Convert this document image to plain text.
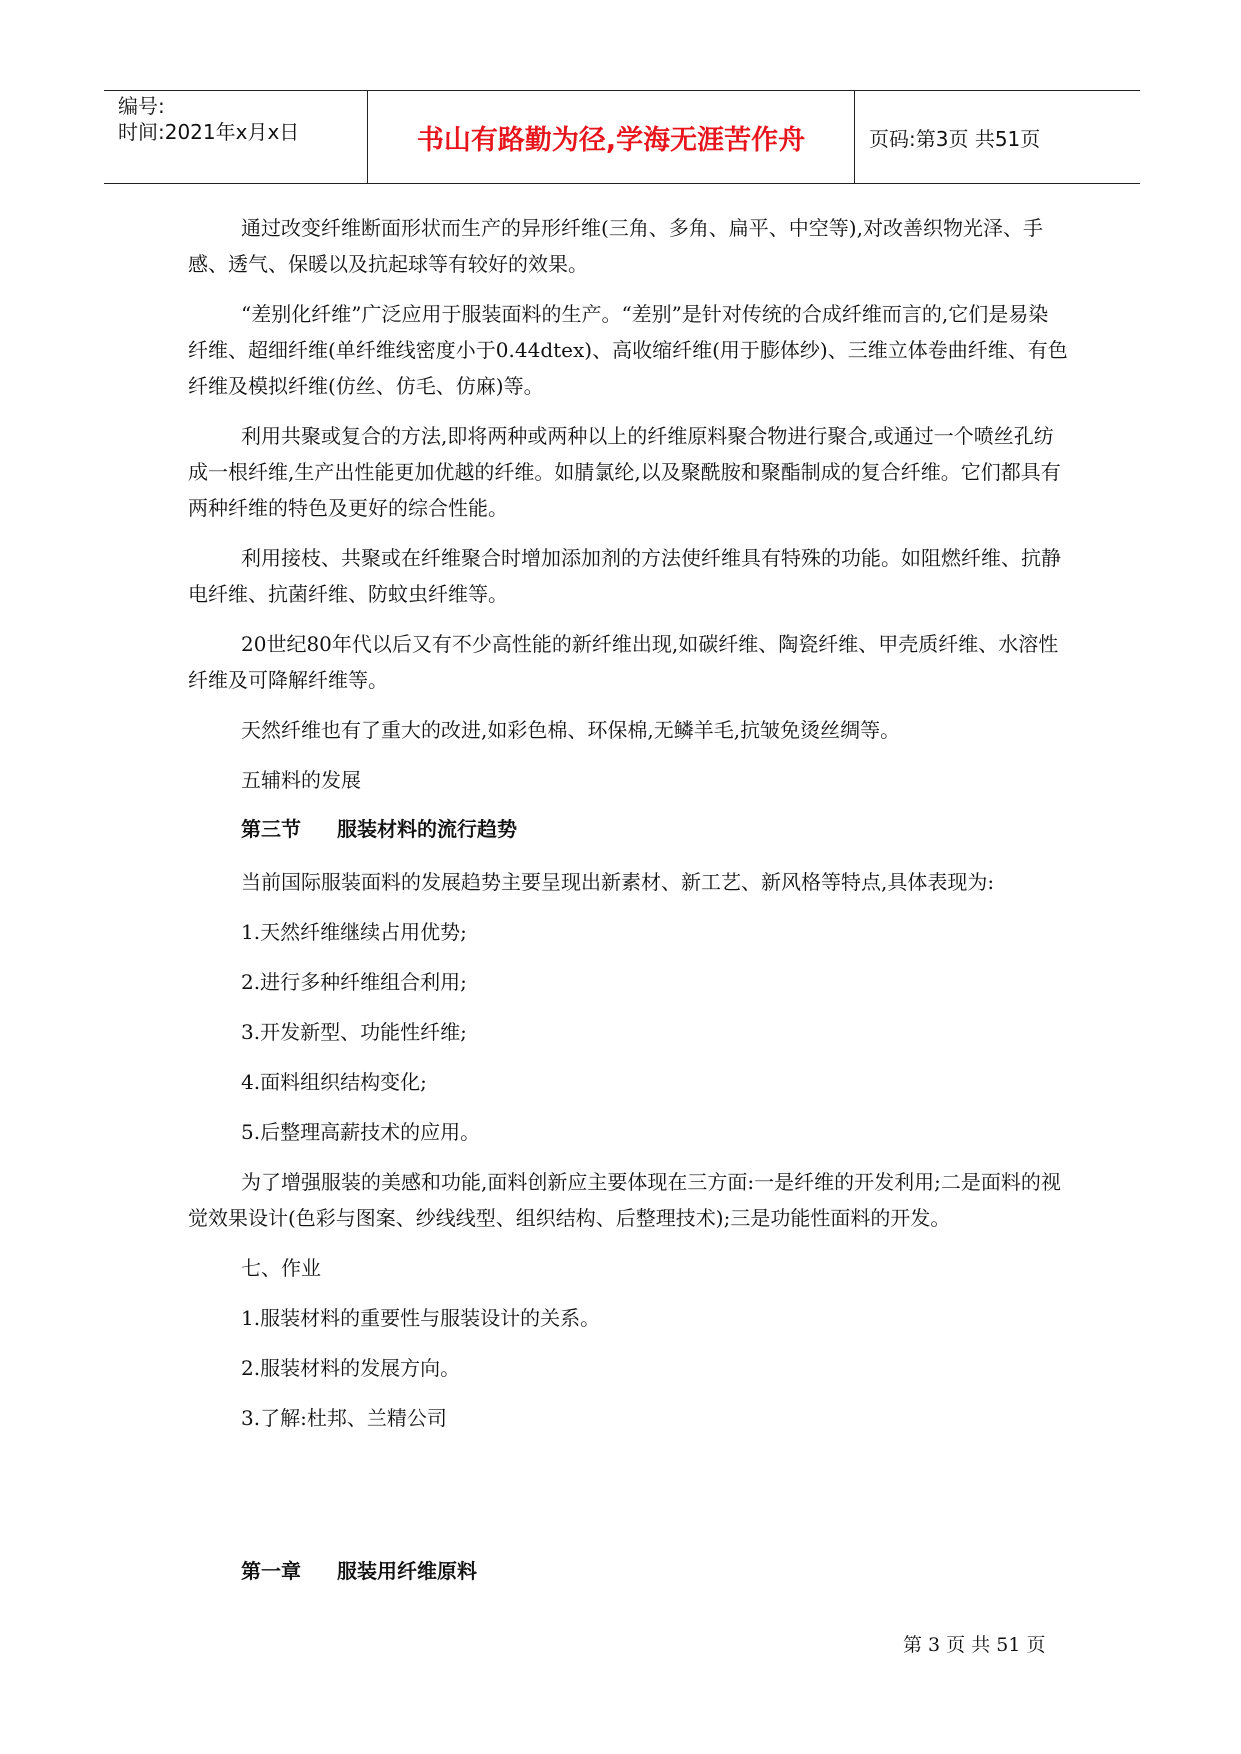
编号:
时间:2021年x月x日	书山有路勤为径,学海无涯苦作舟	页码:第3页 共51页

通过改变纤维断面形状而生产的异形纤维(三角、多角、扁平、中空等),对改善织物光泽、手感、透气、保暖以及抗起球等有较好的效果。

“差别化纤维”广泛应用于服装面料的生产。“差别”是针对传统的合成纤维而言的,它们是易染纤维、超细纤维(单纤维线密度小于0.44dtex)、高收缩纤维(用于膨体纱)、三维立体卷曲纤维、有色纤维及模拟纤维(仿丝、仿毛、仿麻)等。

利用共聚或复合的方法,即将两种或两种以上的纤维原料聚合物进行聚合,或通过一个喷丝孔纺成一根纤维,生产出性能更加优越的纤维。如腈氯纶,以及聚酰胺和聚酯制成的复合纤维。它们都具有两种纤维的特色及更好的综合性能。

利用接枝、共聚或在纤维聚合时增加添加剂的方法使纤维具有特殊的功能。如阻燃纤维、抗静电纤维、抗菌纤维、防蚊虫纤维等。

20世纪80年代以后又有不少高性能的新纤维出现,如碳纤维、陶瓷纤维、甲壳质纤维、水溶性纤维及可降解纤维等。

天然纤维也有了重大的改进,如彩色棉、环保棉,无鳞羊毛,抗皱免烫丝绸等。

五辅料的发展

第三节 服装材料的流行趋势

当前国际服装面料的发展趋势主要呈现出新素材、新工艺、新风格等特点,具体表现为:

1.天然纤维继续占用优势;
2.进行多种纤维组合利用;
3.开发新型、功能性纤维;
4.面料组织结构变化;
5.后整理高薪技术的应用。

为了增强服装的美感和功能,面料创新应主要体现在三方面:一是纤维的开发利用;二是面料的视觉效果设计(色彩与图案、纱线线型、组织结构、后整理技术);三是功能性面料的开发。

七、作业
1.服装材料的重要性与服装设计的关系。
2.服装材料的发展方向。
3.了解:杜邦、兰精公司
第一章 服装用纤维原料
第 3 页 共 51 页
